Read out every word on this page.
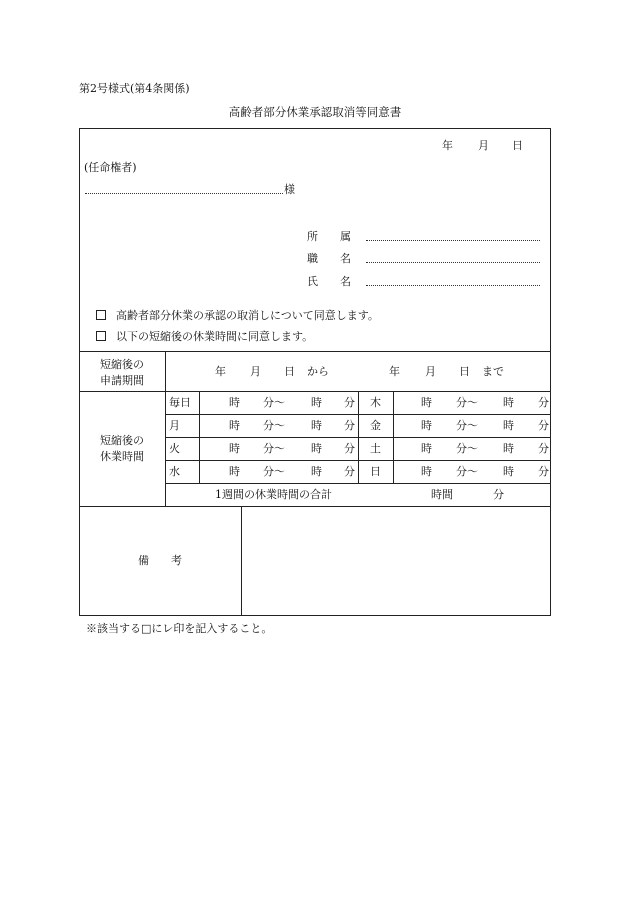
第2号様式(第4条関係)
高齢者部分休業承認取消等同意書
年 月 日
(任命権者)
様
所　　属
職　　名
氏　　名
高齢者部分休業の承認の取消しについて同意します。
以下の短縮後の休業時間に同意します。
短縮後の
申請期間
年 月 日 から	年 月 日 まで
短縮後の
休業時間
毎日	時 分〜 時 分 木	時 分〜 時 分
月	時 分〜 時 分 金	時 分〜 時 分
火	時 分〜 時 分 土	時 分〜 時 分
水	時 分〜 時 分 日	時 分〜 時 分
1週間の休業時間の合計	時間	分
備　　考
※該当する□にレ印を記入すること。
